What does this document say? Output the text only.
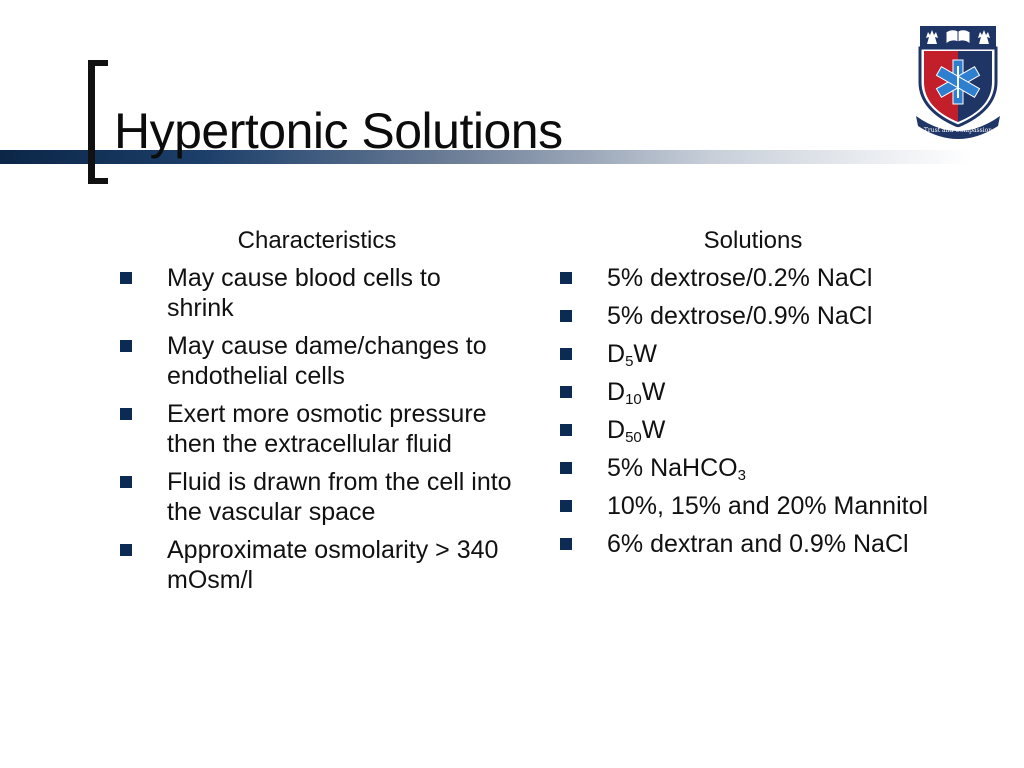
Hypertonic Solutions	Trust and Compassion
Characteristics
May cause blood cells to shrink
May cause dame/changes to endothelial cells
Exert more osmotic pressure then the extracellular fluid
Fluid is drawn from the cell into the vascular space
Approximate osmolarity > 340 mOsm/l
Solutions
5% dextrose/0.2% NaCl
5% dextrose/0.9% NaCl
$D_5W$
$D_{10}W$
$D_{50}W$
5% NaHCO$_3$
10%, 15% and 20% Mannitol
6% dextran and 0.9% NaCl
